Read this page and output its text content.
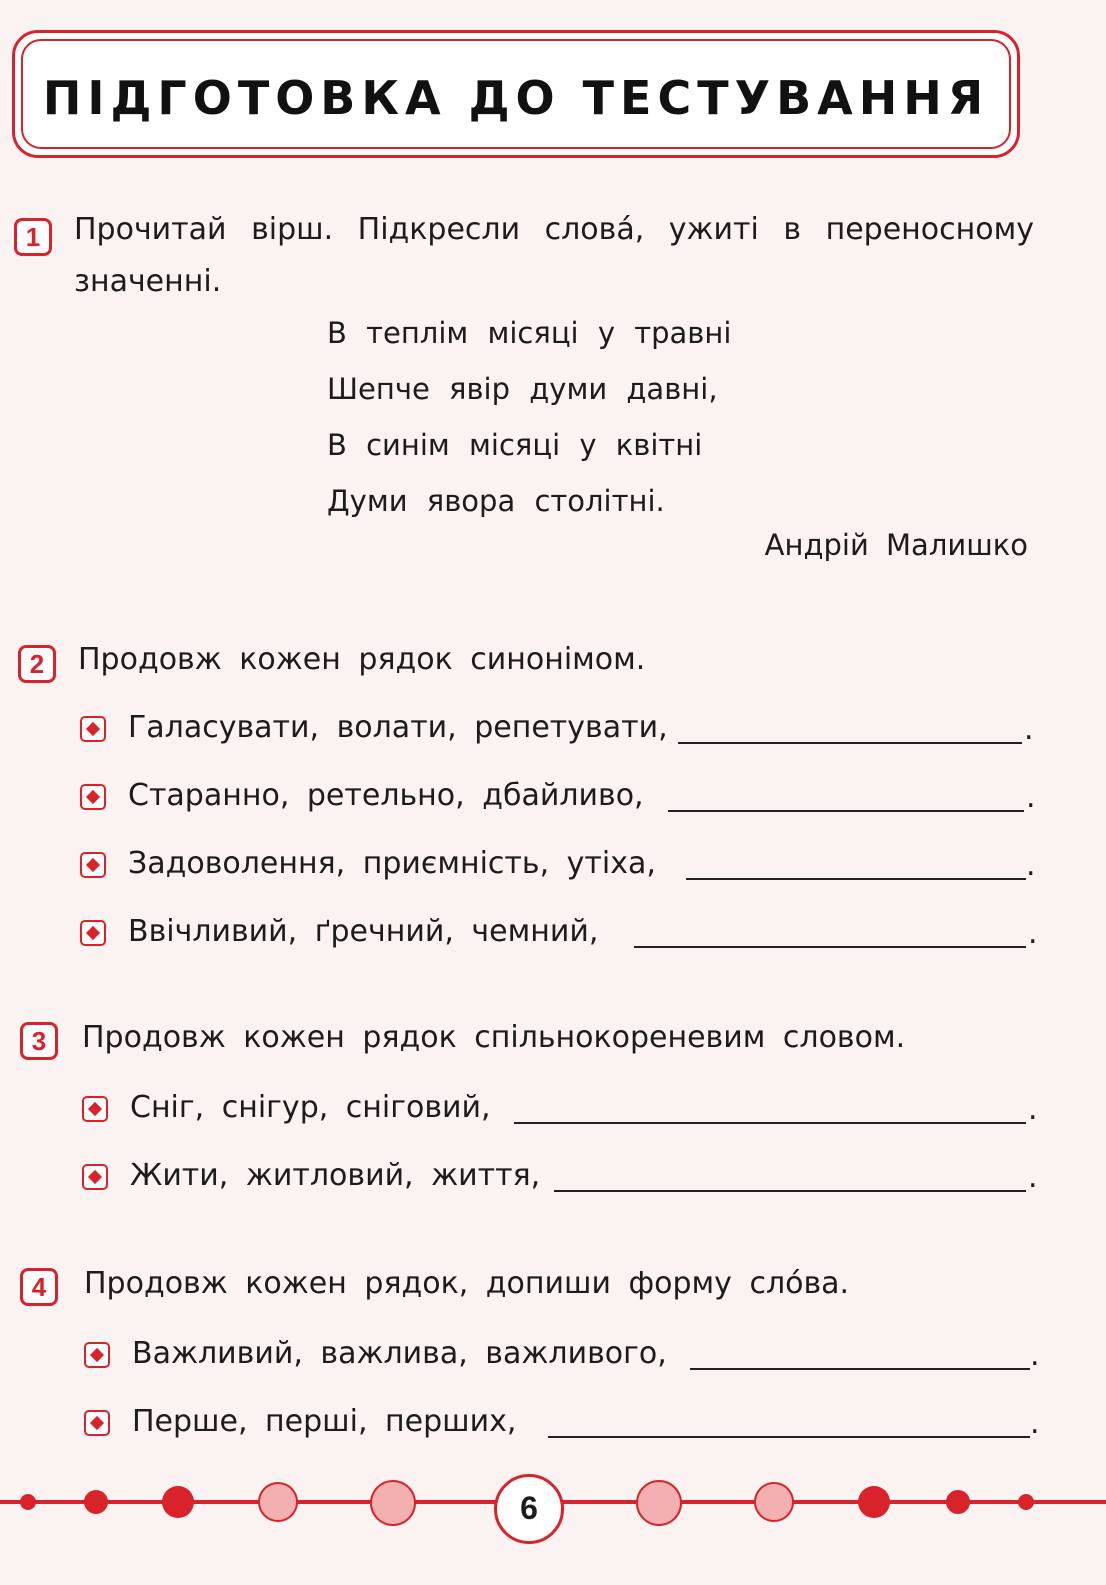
ПІДГОТОВКА ДО ТЕСТУВАННЯ
1	Прочитай вірш. Підкресли слова́, ужиті в переносному
значенні.
В теплім місяці у травні
Шепче явір думи давні,
В синім місяці у квітні
Думи явора столітні.
Андрій Малишко
2	Продовж кожен рядок синонімом.
Галасувати, волати, репетувати,	.
Старанно, ретельно, дбайливо,	.
Задоволення, приємність, утіха,	.
Ввічливий, ґречний, чемний,	.
3	Продовж кожен рядок спільнокореневим словом.
Сніг, снігур, сніговий,	.
Жити, житловий, життя,	.
4	Продовж кожен рядок, допиши форму сло́ва.
Важливий, важлива, важливого,	.
Перше, перші, перших,	.
6
